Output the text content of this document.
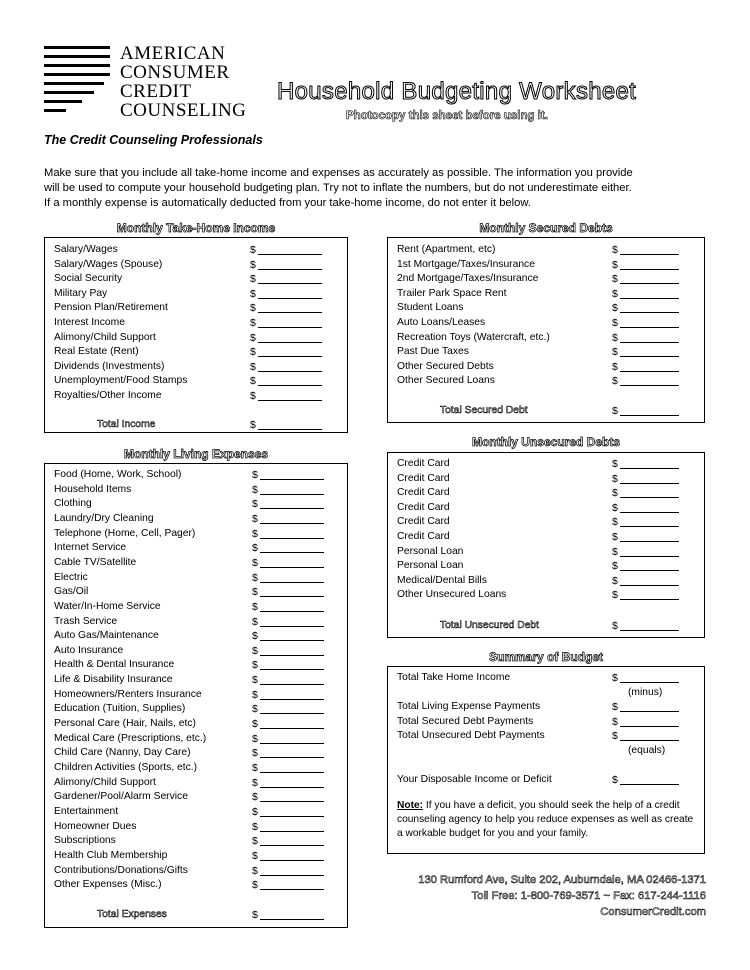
AMERICAN
CONSUMER
CREDIT
COUNSELING
The Credit Counseling Professionals
Household Budgeting Worksheet
Photocopy this sheet before using it.

Make sure that you include all take-home income and expenses as accurately as possible. The information you provide

will be used to compute your household budgeting plan. Try not to inflate the numbers, but do not underestimate either.

If a monthly expense is automatically deducted from your take-home income, do not enter it below.

Monthly Take-Home Income
Salary/Wages	$
Salary/Wages (Spouse)	$
Social Security	$
Military Pay	$
Pension Plan/Retirement	$
Interest Income	$
Alimony/Child Support	$
Real Estate (Rent)	$
Dividends (Investments)	$
Unemployment/Food Stamps	$
Royalties/Other Income	$
Total Income	$
Monthly Living Expenses
Food (Home, Work, School)	$
Household Items	$
Clothing	$
Laundry/Dry Cleaning	$
Telephone (Home, Cell, Pager)	$
Internet Service	$
Cable TV/Satellite	$
Electric	$
Gas/Oil	$
Water/In-Home Service	$
Trash Service	$
Auto Gas/Maintenance	$
Auto Insurance	$
Health & Dental Insurance	$
Life & Disability Insurance	$
Homeowners/Renters Insurance	$
Education (Tuition, Supplies)	$
Personal Care (Hair, Nails, etc)	$
Medical Care (Prescriptions, etc.)	$
Child Care (Nanny, Day Care)	$
Children Activities (Sports, etc.)	$
Alimony/Child Support	$
Gardener/Pool/Alarm Service	$
Entertainment	$
Homeowner Dues	$
Subscriptions	$
Health Club Membership	$
Contributions/Donations/Gifts	$
Other Expenses (Misc.)	$
Total Expenses	$
Monthly Secured Debts
Rent (Apartment, etc)	$
1st Mortgage/Taxes/Insurance	$
2nd Mortgage/Taxes/Insurance	$
Trailer Park Space Rent	$
Student Loans	$
Auto Loans/Leases	$
Recreation Toys (Watercraft, etc.)	$
Past Due Taxes	$
Other Secured Debts	$
Other Secured Loans	$
Total Secured Debt	$
Monthly Unsecured Debts
Credit Card	$
Credit Card	$
Credit Card	$
Credit Card	$
Credit Card	$
Credit Card	$
Personal Loan	$
Personal Loan	$
Medical/Dental Bills	$
Other Unsecured Loans	$
Total Unsecured Debt	$
Summary of Budget
Total Take Home Income	$
(minus)
Total Living Expense Payments	$
Total Secured Debt Payments	$
Total Unsecured Debt Payments	$
(equals)
Your Disposable Income or Deficit	$
Note: If you have a deficit, you should seek the help of a credit counseling agency to help you reduce expenses as well as create a workable budget for you and your family.
130 Rumford Ave, Suite 202, Auburndale, MA 02466-1371
Toll Free: 1-800-769-3571 ~ Fax: 617-244-1116
ConsumerCredit.com
